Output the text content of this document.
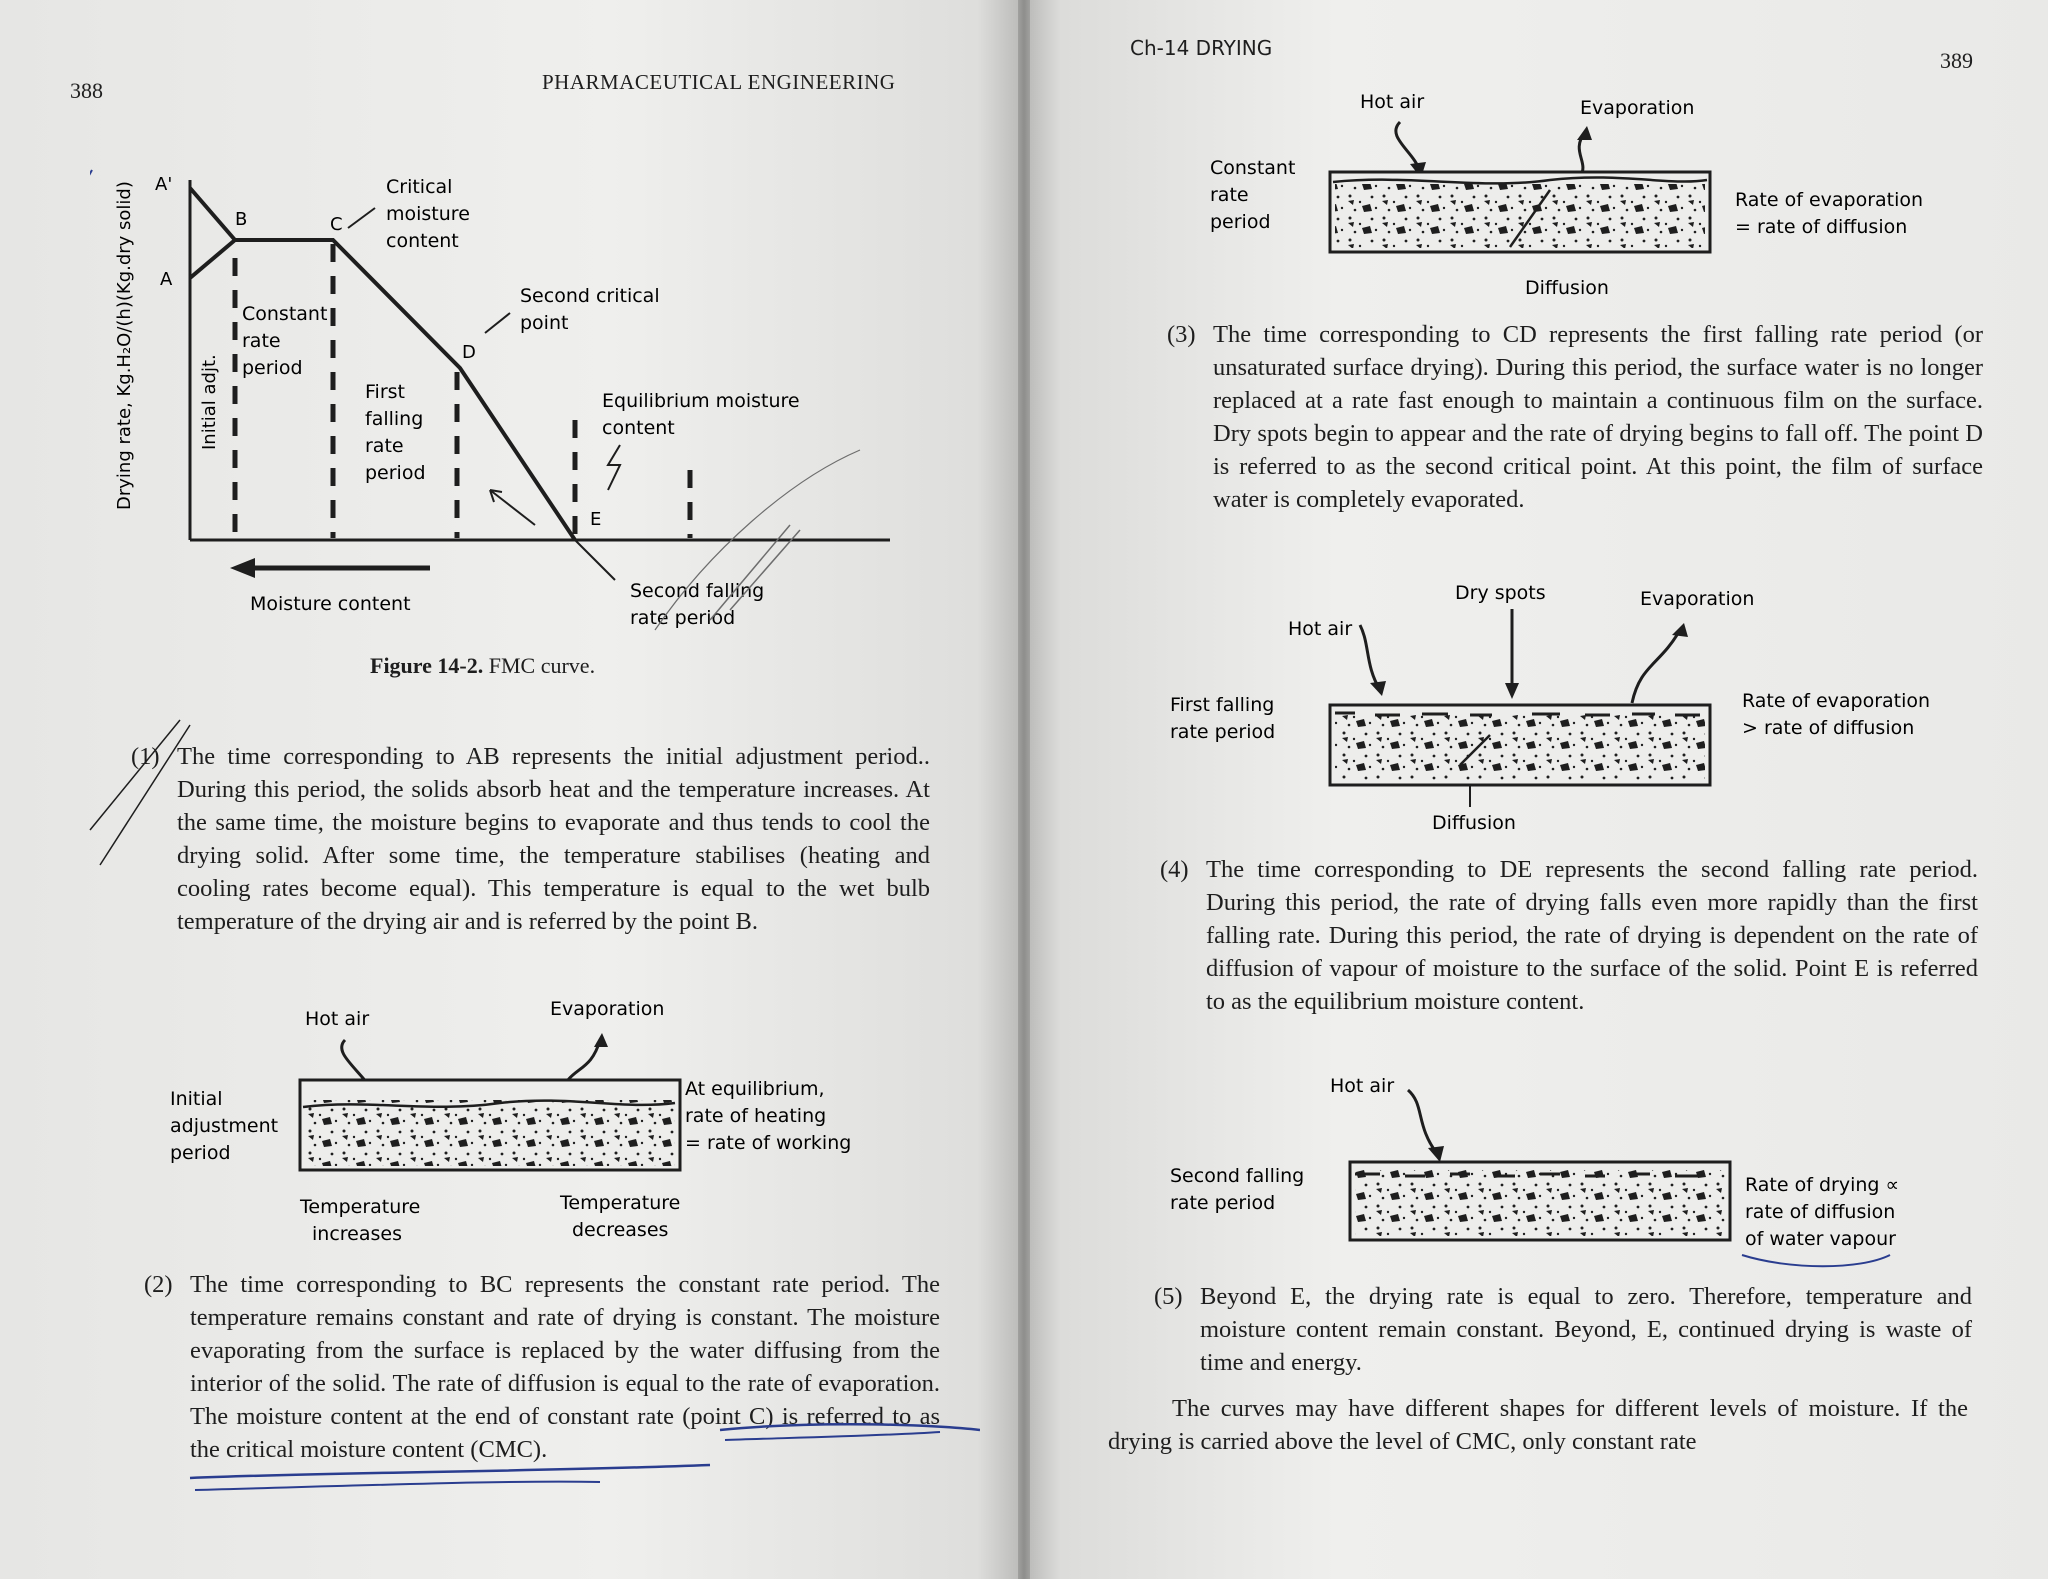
388	PHARMACEUTICAL ENGINEERING
Drying rate, Kg.H₂O/(h)(Kg.dry solid) A'
A
B	C
D
E
Initial adjt.
Constant
rate
period
Critical
moisture
content
First
falling
rate
period
Second critical
point
Equilibrium moisture
content
Second falling
rate period
Moisture content
Figure 14-2. FMC curve.
(1) The time corresponding to AB represents the initial adjustment period.. During this period, the solids absorb heat and the temperature increases. At the same time, the moisture begins to evaporate and thus tends to cool the drying solid. After some time, the temperature stabilises (heating and cooling rates become equal). This temperature is equal to the wet bulb temperature of the drying air and is referred by the point B.
Initial
adjustment
period
Hot air	Evaporation
At equilibrium,
rate of heating
= rate of working
Temperature
increases
Temperature
decreases
(2) The time corresponding to BC represents the constant rate period. The temperature remains constant and rate of drying is constant. The moisture evaporating from the surface is replaced by the water diffusing from the interior of the solid. The rate of diffusion is equal to the rate of evaporation. The moisture content at the end of constant rate (point C) is referred to as the critical moisture content (CMC).
Ch-14 DRYING	389
Constant
rate
period
Hot air	Evaporation
Diffusion
Rate of evaporation
= rate of diffusion
(3) The time corresponding to CD represents the first falling rate period (or unsaturated surface drying). During this period, the surface water is no longer replaced at a rate fast enough to maintain a continuous film on the surface. Dry spots begin to appear and the rate of drying begins to fall off. The point D is referred to as the second critical point. At this point, the film of surface water is completely evaporated.
First falling
rate period
Hot air
Dry spots	Evaporation
Diffusion
Rate of evaporation
> rate of diffusion
(4) The time corresponding to DE represents the second falling rate period. During this period, the rate of drying falls even more rapidly than the first falling rate. During this period, the rate of drying is dependent on the rate of diffusion of vapour of moisture to the surface of the solid. Point E is referred to as the equilibrium moisture content.
Second falling
rate period
Hot air
Rate of drying ∝
rate of diffusion
of water vapour
(5) Beyond E, the drying rate is equal to zero. Therefore, temperature and moisture content remain constant. Beyond, E, continued drying is waste of time and energy.
The curves may have different shapes for different levels of moisture. If the drying is carried above the level of CMC, only constant rate
